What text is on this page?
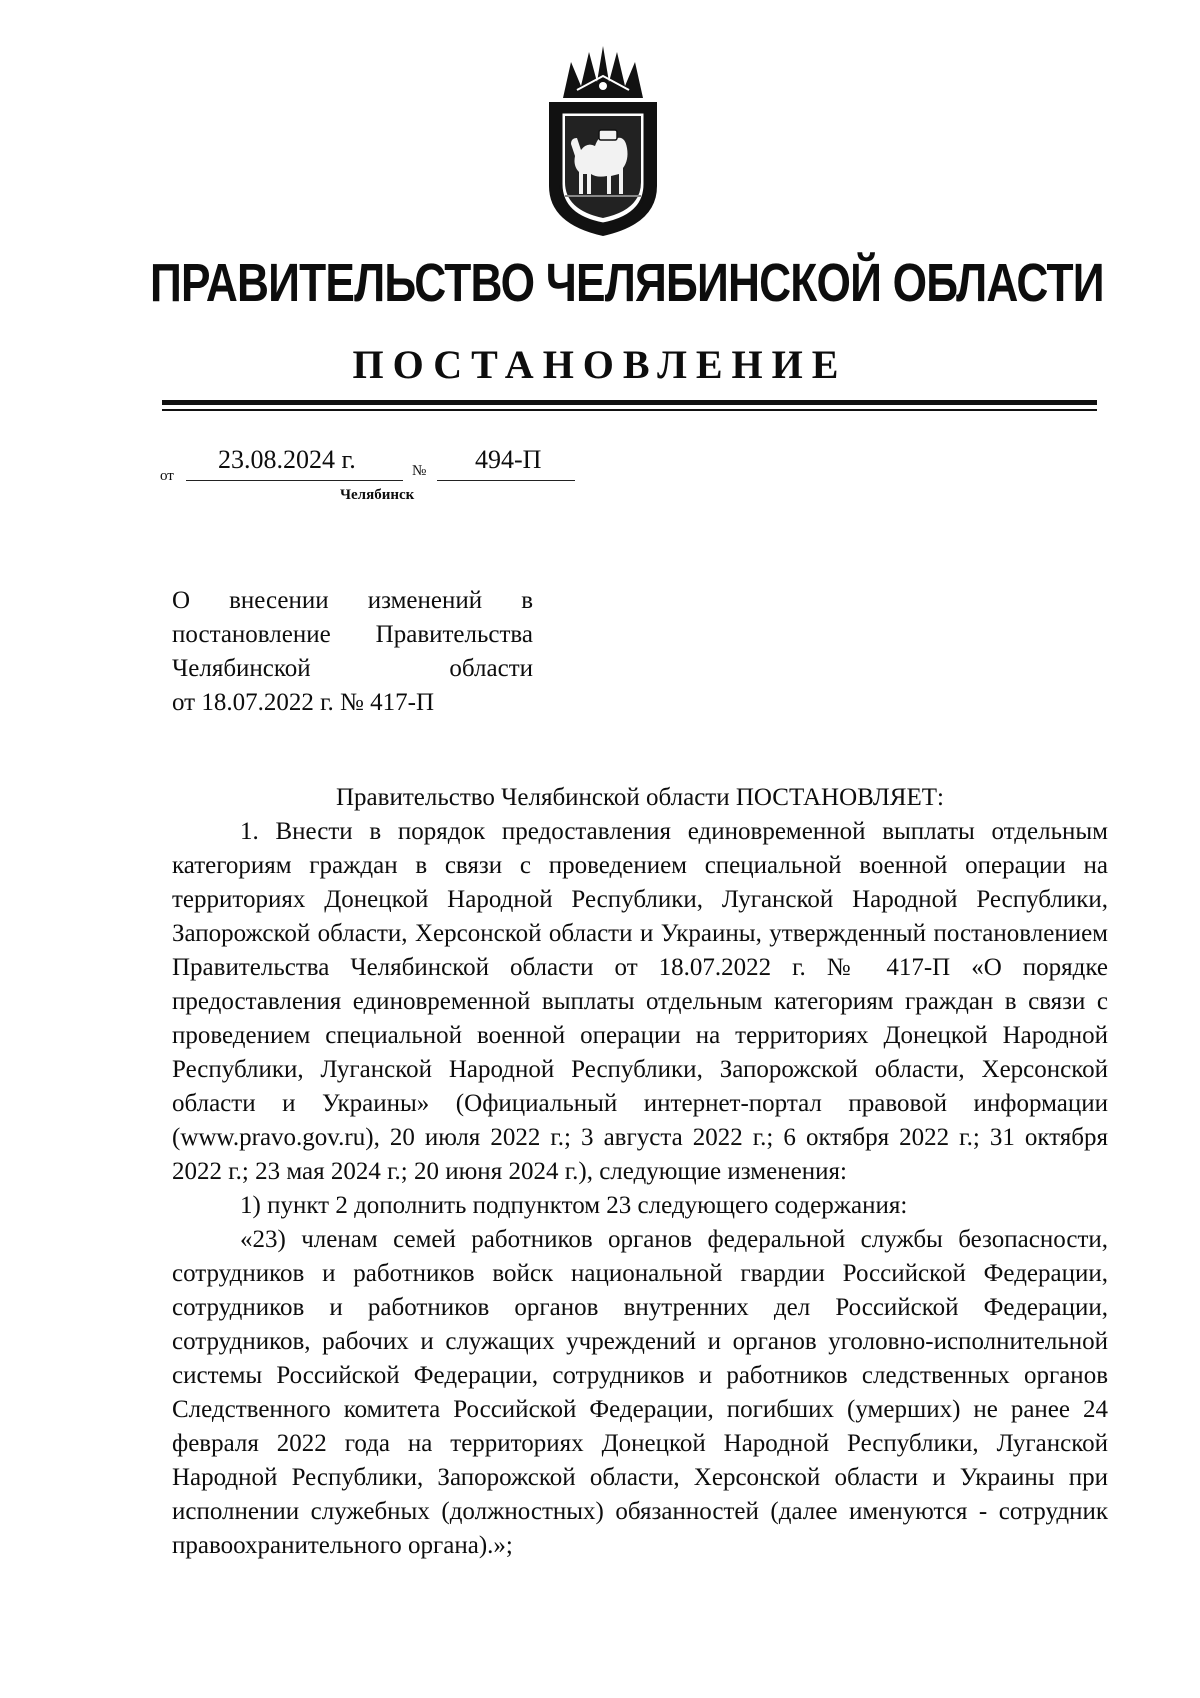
ПРАВИТЕЛЬСТВО ЧЕЛЯБИНСКОЙ ОБЛАСТИ
ПОСТАНОВЛЕНИЕ
от
23.08.2024 г.	№ 494-П
Челябинск
О внесении изменений в
постановление Правительства
Челябинской области
от 18.07.2022 г. № 417-П

Правительство Челябинской области ПОСТАНОВЛЯЕТ:

1. Внести в порядок предоставления единовременной выплаты отдельным категориям граждан в связи с проведением специальной военной операции на территориях Донецкой Народной Республики, Луганской Народной Республики, Запорожской области, Херсонской области и Украины, утвержденный постановлением Правительства Челябинской области от 18.07.2022 г. № 417-П «О порядке предоставления единовременной выплаты отдельным категориям граждан в связи с проведением специальной военной операции на территориях Донецкой Народной Республики, Луганской Народной Республики, Запорожской области, Херсонской области и Украины» (Официальный интернет-портал правовой информации (www.pravo.gov.ru), 20 июля 2022 г.; 3 августа 2022 г.; 6 октября 2022 г.; 31 октября 2022 г.; 23 мая 2024 г.; 20 июня 2024 г.), следующие изменения:

1) пункт 2 дополнить подпунктом 23 следующего содержания:

«23) членам семей работников органов федеральной службы безопасности, сотрудников и работников войск национальной гвардии Российской Федерации, сотрудников и работников органов внутренних дел Российской Федерации, сотрудников, рабочих и служащих учреждений и органов уголовно-исполнительной системы Российской Федерации, сотрудников и работников следственных органов Следственного комитета Российской Федерации, погибших (умерших) не ранее 24 февраля 2022 года на территориях Донецкой Народной Республики, Луганской Народной Республики, Запорожской области, Херсонской области и Украины при исполнении служебных (должностных) обязанностей (далее именуются - сотрудник правоохранительного органа).»;
